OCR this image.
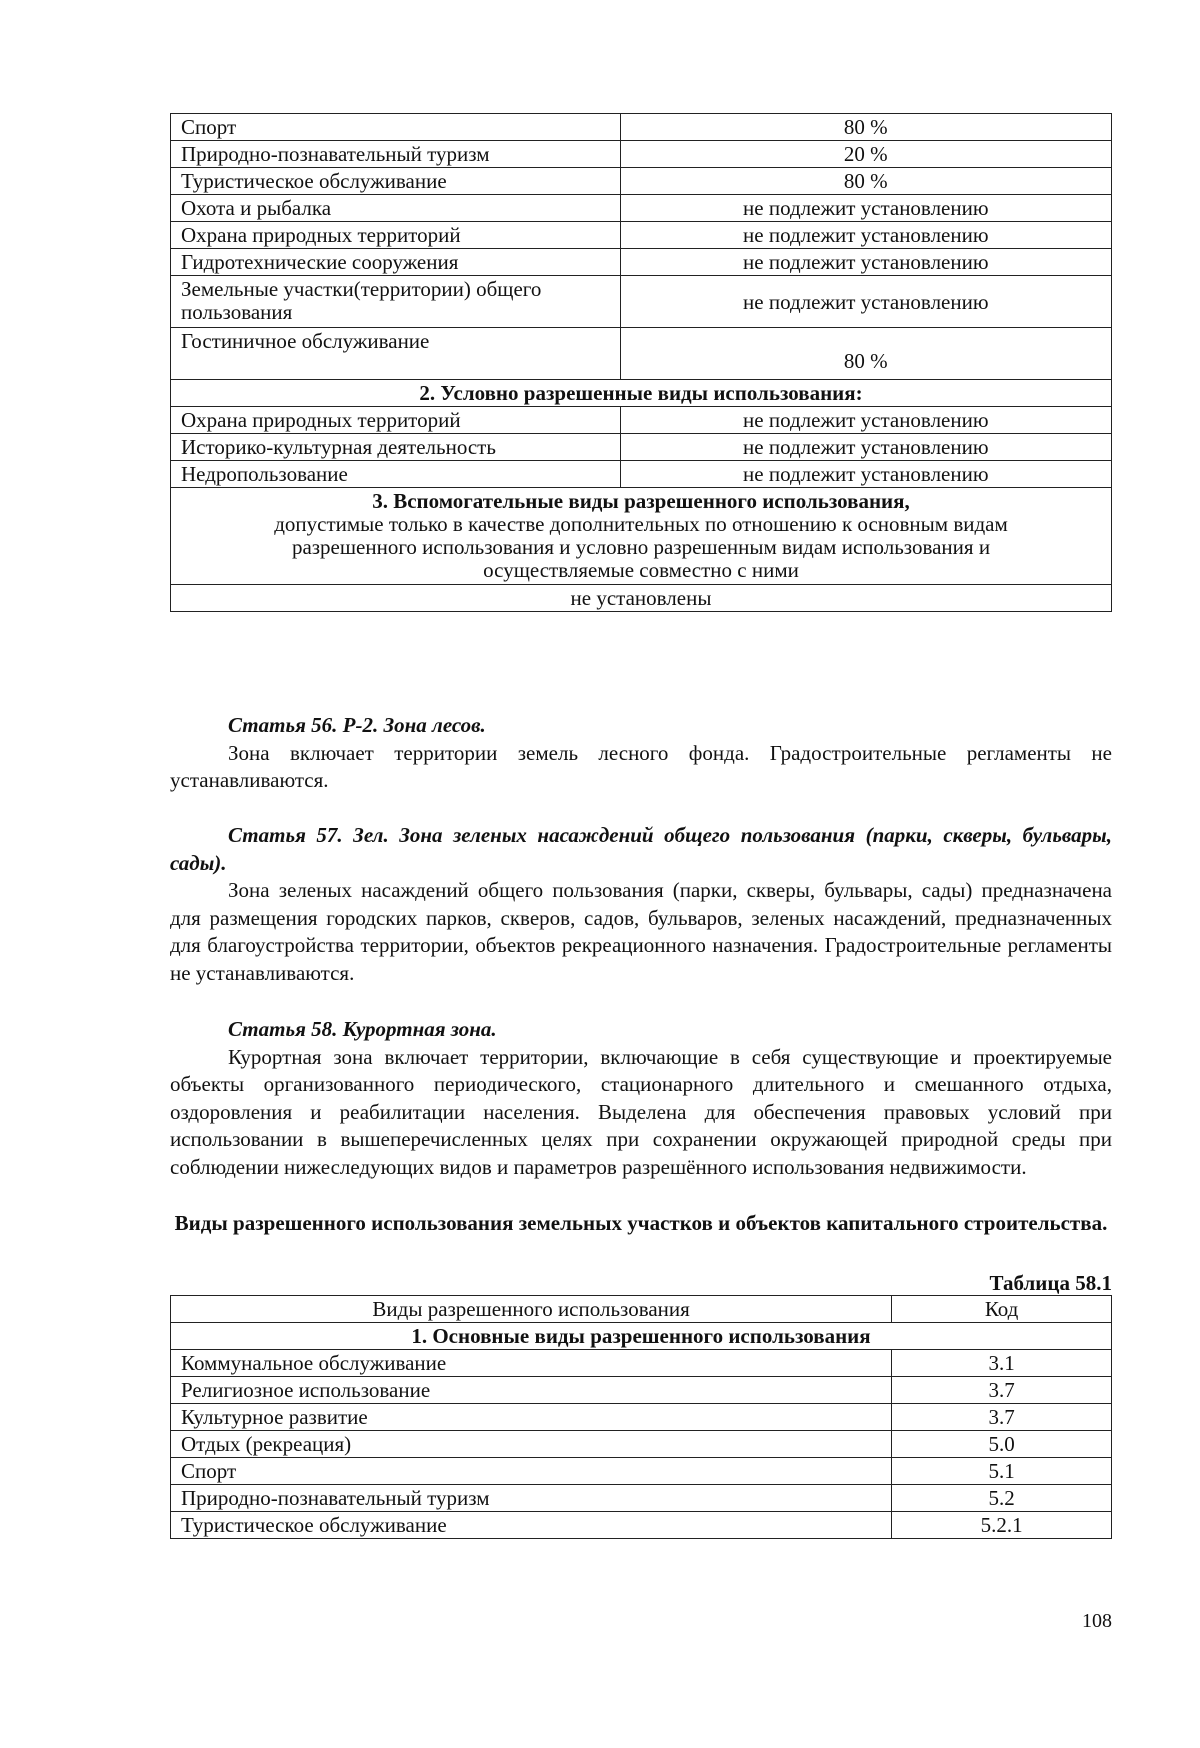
Спорт	80 %
Природно-познавательный туризм	20 %
Туристическое обслуживание	80 %
Охота и рыбалка	не подлежит установлению
Охрана природных территорий	не подлежит установлению
Гидротехнические сооружения	не подлежит установлению
Земельные участки(территории) общего пользования	не подлежит установлению
Гостиничное обслуживание	80 %
2. Условно разрешенные виды использования:	
Охрана природных территорий	не подлежит установлению
Историко-культурная деятельность	не подлежит установлению
Недропользование	не подлежит установлению

3. Вспомогательные виды разрешенного использования,
допустимые только в качестве дополнительных по отношению к основным видам разрешенного использования и условно разрешенным видам использования и осуществляемые совместно с ними	

не установлены	

Статья 56. Р-2. Зона лесов.

Зона включает территории земель лесного фонда. Градостроительные регламенты не устанавливаются.

Статья 57. Зел. Зона зеленых насаждений общего пользования (парки, скверы, бульвары, сады).

Зона зеленых насаждений общего пользования (парки, скверы, бульвары, сады) предназначена для размещения городских парков, скверов, садов, бульваров, зеленых насаждений, предназначенных для благоустройства территории, объектов рекреационного назначения. Градостроительные регламенты не устанавливаются.

Статья 58. Курортная зона.

Курортная зона включает территории, включающие в себя существующие и проектируемые объекты организованного периодического, стационарного длительного и смешанного отдыха, оздоровления и реабилитации населения. Выделена для обеспечения правовых условий при использовании в вышеперечисленных целях при сохранении окружающей природной среды при соблюдении нижеследующих видов и параметров разрешённого использования недвижимости.

Виды разрешенного использования земельных участков и объектов капитального строительства.
Таблица 58.1
Виды разрешенного использования	Код
1. Основные виды разрешенного использования	
Коммунальное обслуживание	3.1
Религиозное использование	3.7
Культурное развитие	3.7
Отдых (рекреация)	5.0
Спорт	5.1
Природно-познавательный туризм	5.2
Туристическое обслуживание	5.2.1
108
